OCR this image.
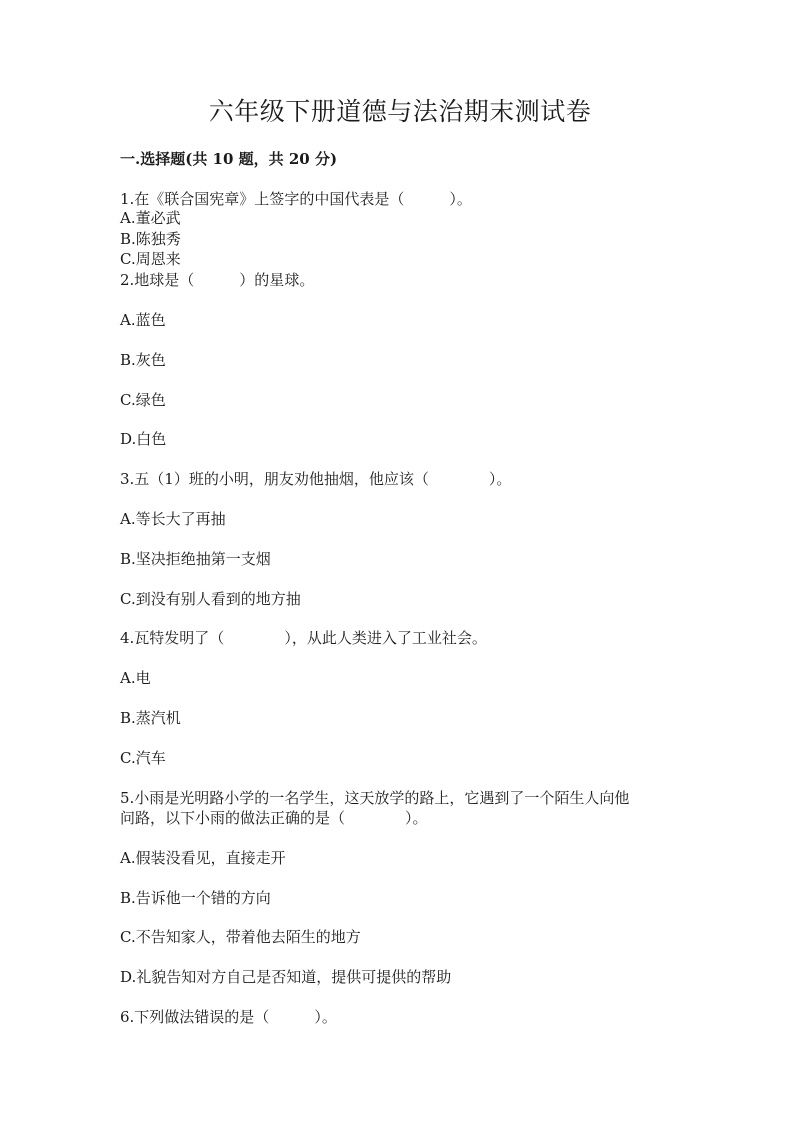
六年级下册道德与法治期末测试卷
一.选择题(共 10 题，共 20 分)
1.在《联合国宪章》上签字的中国代表是（　　　）。
A.董必武
B.陈独秀
C.周恩来
2.地球是（　　　）的星球。
A.蓝色
B.灰色
C.绿色
D.白色
3.五（1）班的小明，朋友劝他抽烟，他应该（　　　　）。
A.等长大了再抽
B.坚决拒绝抽第一支烟
C.到没有别人看到的地方抽
4.瓦特发明了（　　　　），从此人类进入了工业社会。
A.电
B.蒸汽机
C.汽车
5.小雨是光明路小学的一名学生，这天放学的路上，它遇到了一个陌生人向他
问路，以下小雨的做法正确的是（　　　　）。
A.假装没看见，直接走开
B.告诉他一个错的方向
C.不告知家人，带着他去陌生的地方
D.礼貌告知对方自己是否知道，提供可提供的帮助
6.下列做法错误的是（　　　）。
